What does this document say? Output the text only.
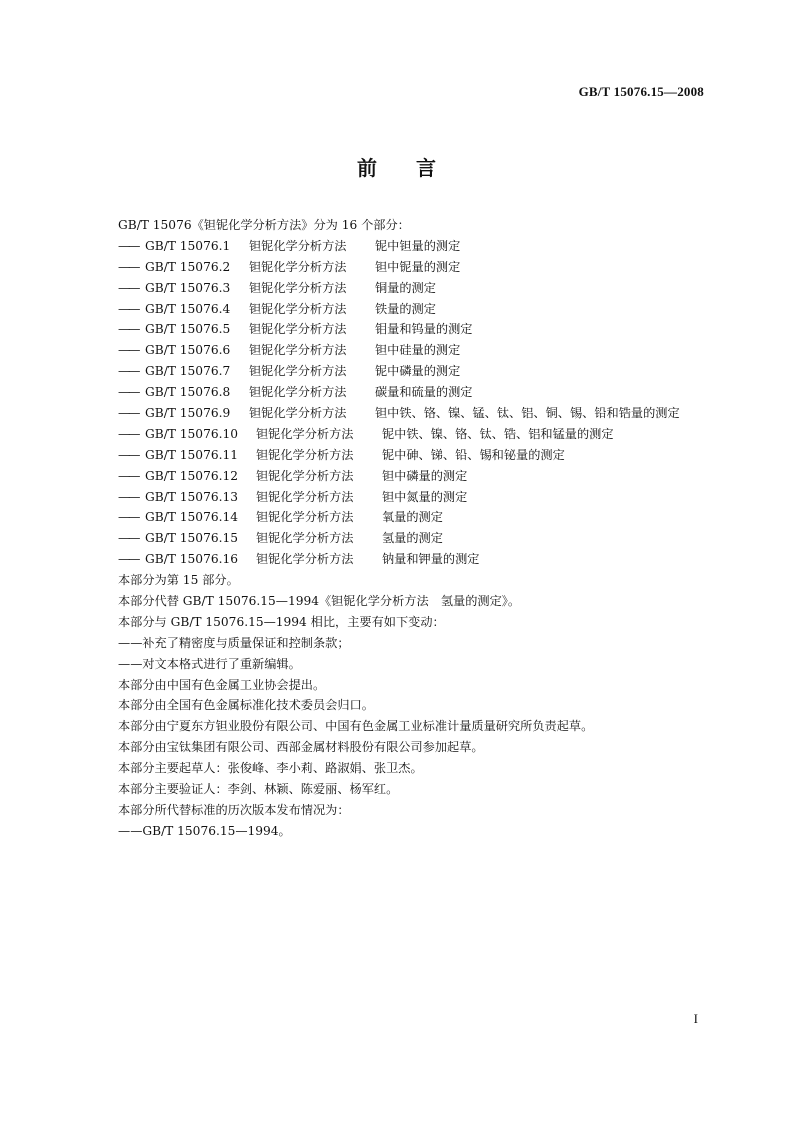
GB/T 15076.15—2008
前 言
GB/T 15076《钽铌化学分析方法》分为 16 个部分：
—— GB/T 15076.1 钽铌化学分析方法 铌中钽量的测定
—— GB/T 15076.2 钽铌化学分析方法 钽中铌量的测定
—— GB/T 15076.3 钽铌化学分析方法 铜量的测定
—— GB/T 15076.4 钽铌化学分析方法 铁量的测定
—— GB/T 15076.5 钽铌化学分析方法 钼量和钨量的测定
—— GB/T 15076.6 钽铌化学分析方法 钽中硅量的测定
—— GB/T 15076.7 钽铌化学分析方法 铌中磷量的测定
—— GB/T 15076.8 钽铌化学分析方法 碳量和硫量的测定
—— GB/T 15076.9 钽铌化学分析方法 钽中铁、铬、镍、锰、钛、铝、铜、锡、铅和锆量的测定
—— GB/T 15076.10 钽铌化学分析方法 铌中铁、镍、铬、钛、锆、铝和锰量的测定
—— GB/T 15076.11 钽铌化学分析方法 铌中砷、锑、铅、锡和铋量的测定
—— GB/T 15076.12 钽铌化学分析方法 钽中磷量的测定
—— GB/T 15076.13 钽铌化学分析方法 钽中氮量的测定
—— GB/T 15076.14 钽铌化学分析方法 氧量的测定
—— GB/T 15076.15 钽铌化学分析方法 氢量的测定
—— GB/T 15076.16 钽铌化学分析方法 钠量和钾量的测定
本部分为第 15 部分。
本部分代替 GB/T 15076.15—1994《钽铌化学分析方法　氢量的测定》。
本部分与 GB/T 15076.15—1994 相比，主要有如下变动：
——补充了精密度与质量保证和控制条款；
——对文本格式进行了重新编辑。
本部分由中国有色金属工业协会提出。
本部分由全国有色金属标准化技术委员会归口。
本部分由宁夏东方钽业股份有限公司、中国有色金属工业标准计量质量研究所负责起草。
本部分由宝钛集团有限公司、西部金属材料股份有限公司参加起草。
本部分主要起草人：张俊峰、李小莉、路淑娟、张卫杰。
本部分主要验证人：李剑、林颖、陈爱丽、杨军红。
本部分所代替标准的历次版本发布情况为：
——GB/T 15076.15—1994。
I
